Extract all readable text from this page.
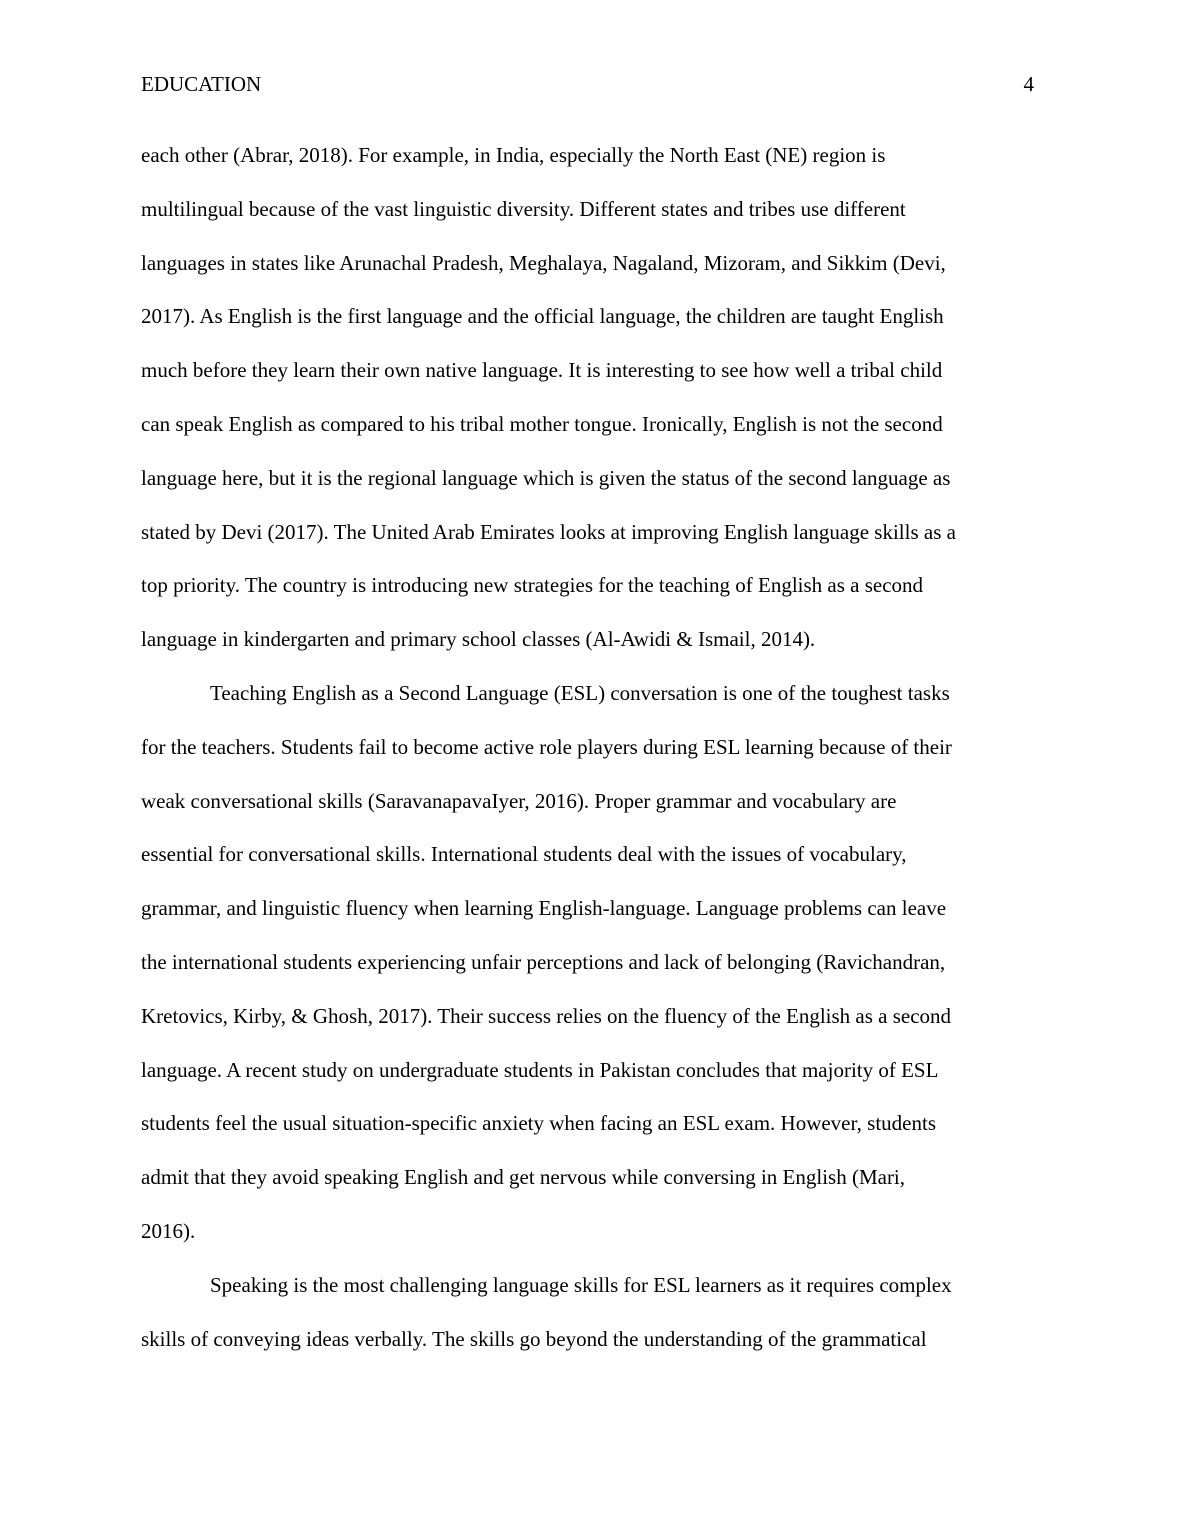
EDUCATION	4
each other (Abrar, 2018). For example, in India, especially the North East (NE) region is
multilingual because of the vast linguistic diversity. Different states and tribes use different
languages in states like Arunachal Pradesh, Meghalaya, Nagaland, Mizoram, and Sikkim (Devi,
2017). As English is the first language and the official language, the children are taught English
much before they learn their own native language. It is interesting to see how well a tribal child
can speak English as compared to his tribal mother tongue. Ironically, English is not the second
language here, but it is the regional language which is given the status of the second language as
stated by Devi (2017). The United Arab Emirates looks at improving English language skills as a
top priority. The country is introducing new strategies for the teaching of English as a second
language in kindergarten and primary school classes (Al-Awidi & Ismail, 2014).
Teaching English as a Second Language (ESL) conversation is one of the toughest tasks
for the teachers. Students fail to become active role players during ESL learning because of their
weak conversational skills (SaravanapavaIyer, 2016). Proper grammar and vocabulary are
essential for conversational skills. International students deal with the issues of vocabulary,
grammar, and linguistic fluency when learning English-language. Language problems can leave
the international students experiencing unfair perceptions and lack of belonging (Ravichandran,
Kretovics, Kirby, & Ghosh, 2017). Their success relies on the fluency of the English as a second
language. A recent study on undergraduate students in Pakistan concludes that majority of ESL
students feel the usual situation-specific anxiety when facing an ESL exam. However, students
admit that they avoid speaking English and get nervous while conversing in English (Mari,
2016).
Speaking is the most challenging language skills for ESL learners as it requires complex
skills of conveying ideas verbally. The skills go beyond the understanding of the grammatical
